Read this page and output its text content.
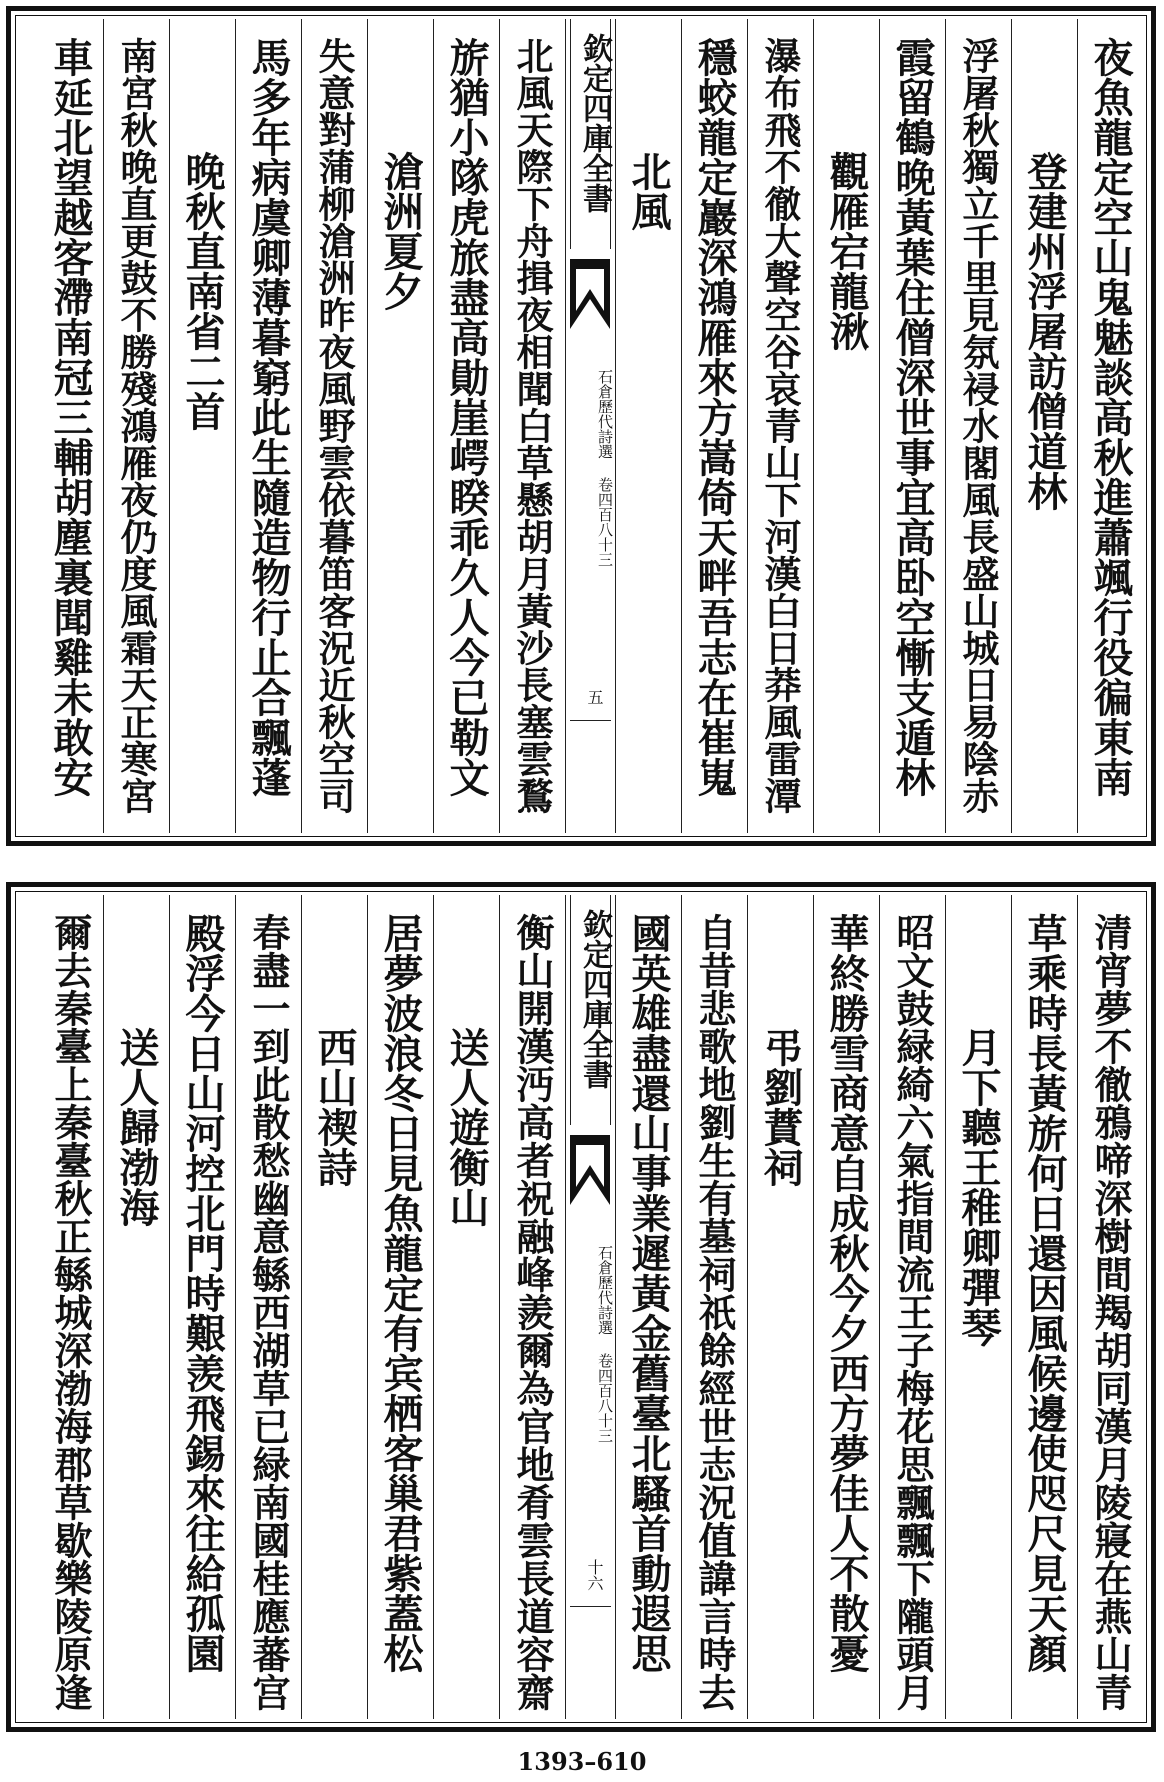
夜魚龍定空山鬼魅談高秋進蕭颯行役徧東南
登建州浮屠訪僧道林
浮屠秋獨立千里見氛祲水閣風長盛山城日易陰赤
霞留鶴晚黃葉住僧深世事宜高卧空慚支遁林
觀雁宕龍湫
瀑布飛不徹大聲空谷哀青山下河漢白日莽風雷潭
穩蛟龍定巖深鴻雁來方嵩倚天畔吾志在崔嵬
北風
欽定四庫全書
石倉歷代詩選 卷四百八十三
五
北風天際下舟揖夜相聞白草懸胡月黃沙長塞雲鶩
旂猶小隊虎旅盡高勛崖崿睽乖久人今已勒文
滄洲夏夕
失意對蒲柳滄洲昨夜風野雲依暮笛客況近秋空司
馬多年病虞卿薄暮窮此生隨造物行止合飄蓬
晚秋直南省二首
南宮秋晚直更鼓不勝殘鴻雁夜仍度風霜天正寒宮
車延北望越客滯南冠三輔胡塵裏聞雞未敢安
清宵夢不徹鴉啼深樹間羯胡同漢月陵寢在燕山青
草乘時長黃旂何日還因風候邊使咫尺見天顏
月下聽王稚卿彈琴
昭文鼓緑綺六氣指間流王子梅花思飄飄下隴頭月
華終勝雪商意自成秋今夕西方夢佳人不散憂
弔劉蕡祠
自昔悲歌地劉生有墓祠祇餘經世志況值諱言時去
國英雄盡還山事業遲黃金舊臺北騷首動遐思
欽定四庫全書
石倉歷代詩選 卷四百八十三
十六
衡山開漢沔高者祝融峰羨爾為官地肴雲長道容齋
送人遊衡山
居夢波浪冬日見魚龍定有宾栖客巢君紫蓋松
西山禊詩
春盡一到此散愁幽意緐西湖草已緑南國桂應蕃宫
殿浮今日山河控北門時艱羡飛錫來往給孤園
送人歸渤海
爾去秦臺上秦臺秋正緐城深渤海郡草歇樂陵原逢
1393–610
